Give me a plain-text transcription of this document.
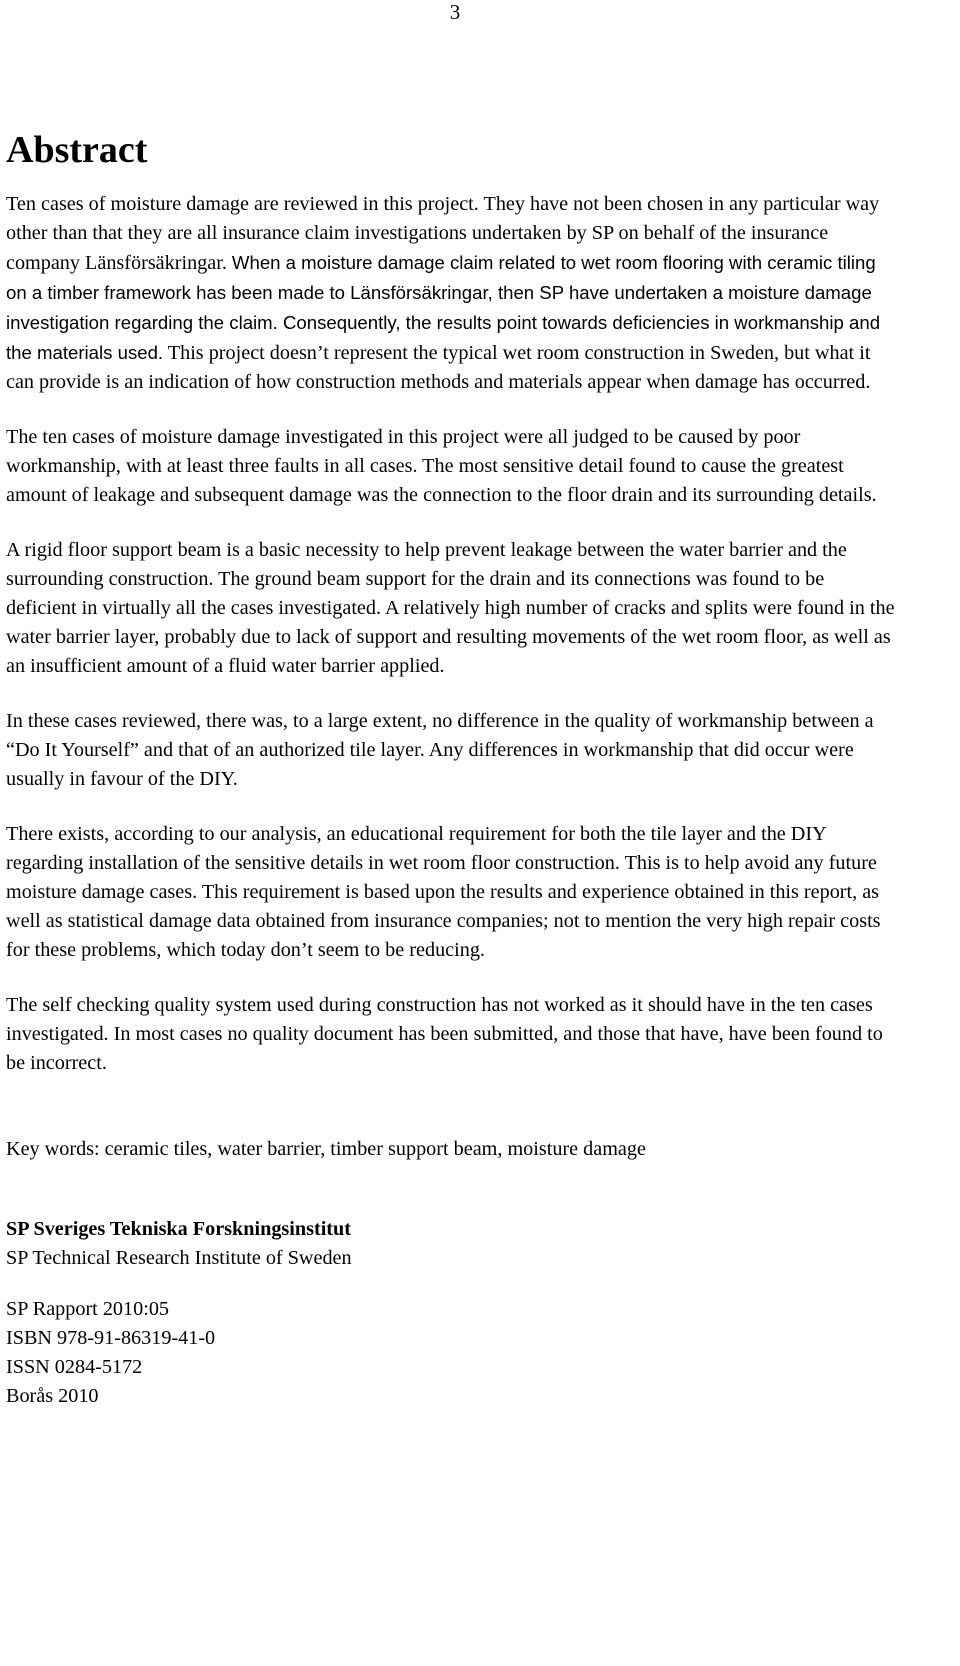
3
Abstract

Ten cases of moisture damage are reviewed in this project. They have not been chosen in any particular way other than that they are all insurance claim investigations undertaken by SP on behalf of the insurance company Länsförsäkringar. When a moisture damage claim related to wet room flooring with ceramic tiling on a timber framework has been made to Länsförsäkringar, then SP have undertaken a moisture damage investigation regarding the claim. Consequently, the results point towards deficiencies in workmanship and the materials used. This project doesn’t represent the typical wet room construction in Sweden, but what it can provide is an indication of how construction methods and materials appear when damage has occurred.

The ten cases of moisture damage investigated in this project were all judged to be caused by poor workmanship, with at least three faults in all cases. The most sensitive detail found to cause the greatest amount of leakage and subsequent damage was the connection to the floor drain and its surrounding details.

A rigid floor support beam is a basic necessity to help prevent leakage between the water barrier and the surrounding construction. The ground beam support for the drain and its connections was found to be deficient in virtually all the cases investigated. A relatively high number of cracks and splits were found in the water barrier layer, probably due to lack of support and resulting movements of the wet room floor, as well as an insufficient amount of a fluid water barrier applied.

In these cases reviewed, there was, to a large extent, no difference in the quality of workmanship between a “Do It Yourself” and that of an authorized tile layer. Any differences in workmanship that did occur were usually in favour of the DIY.

There exists, according to our analysis, an educational requirement for both the tile layer and the DIY regarding installation of the sensitive details in wet room floor construction. This is to help avoid any future moisture damage cases. This requirement is based upon the results and experience obtained in this report, as well as statistical damage data obtained from insurance companies; not to mention the very high repair costs for these problems, which today don’t seem to be reducing.

The self checking quality system used during construction has not worked as it should have in the ten cases investigated. In most cases no quality document has been submitted, and those that have, have been found to be incorrect.

Key words: ceramic tiles, water barrier, timber support beam, moisture damage
SP Sveriges Tekniska Forskningsinstitut
SP Technical Research Institute of Sweden
SP Rapport 2010:05
ISBN 978-91-86319-41-0
ISSN 0284-5172
Borås 2010
